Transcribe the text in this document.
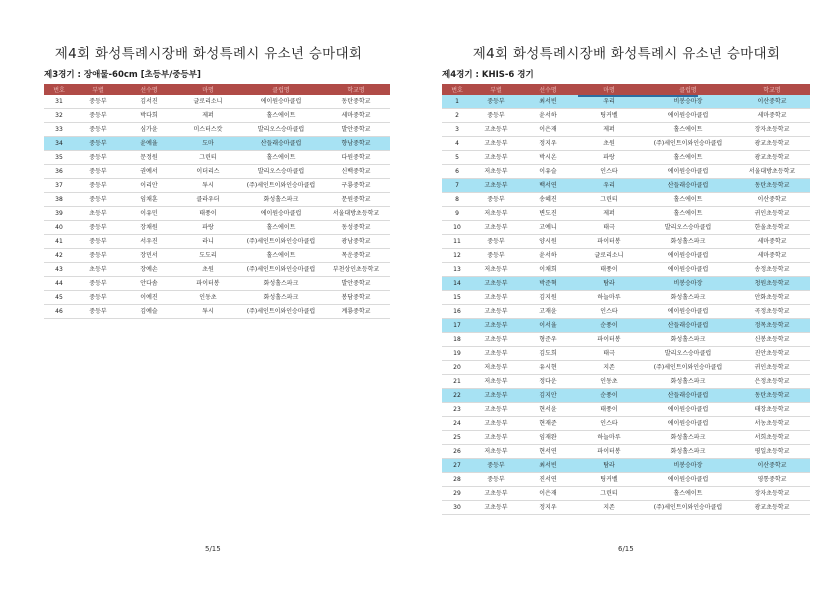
제4회 화성특례시장배 화성특례시 유소년 승마대회
제3경기 : 장애물-60cm [초등부/중등부]
번호	부별	선수명	마명	클럽명	학교명
31	중등부	김서진	글로리소니	에이원승마클럽	동탄중학교
32	중등부	박다희	제퍼	홀스에이트	세마중학교
33	중등부	심가윤	미스터스캇	발리오스승마클럽	발안중학교
34	중등부	윤예율	도마	산들래승마클럽	향남중학교
35	중등부	문정원	그린티	홀스에이트	다원중학교
36	중등부	권예서	이더리스	발리오스승마클럽	신백중학교
37	중등부	이리안	투시	(주)세인트이와인승마클럽	구룡중학교
38	중등부	임채훈	클라우더	화성홀스파크	문원중학교
39	초등부	이유민	태풍이	에이원승마클럽	서울대방초등학교
40	중등부	장채원	파랑	홀스에이트	동성중학교
41	중등부	서우진	라니	(주)세인트이와인승마클럽	광남중학교
42	중등부	장민서	도도리	홀스에이트	목운중학교
43	초등부	장예손	초원	(주)세인트이와인승마클럽	부천상인초등학교
44	중등부	안다솜	파이터봉	화성홀스파크	발안중학교
45	중등부	이예진	인동초	화성홀스파크	봉담중학교
46	중등부	김예슬	투시	(주)세인트이와인승마클럽	계룡중학교
5/15
제4회 화성특례시장배 화성특례시 유소년 승마대회
제4경기 : KHIS-6 경기
번호	부별	선수명	마명	클럽명	학교명
1	중등부	최서빈	우리	비봉승마장	이산중학교
2	중등부	윤서하	팅커벨	에이원승마클럽	세마중학교
3	고초등부	이은재	제퍼	홀스에이트	장자초등학교
4	고초등부	정지우	초원	(주)세인트이와인승마클럽	광교초등학교
5	고초등부	박시온	파랑	홀스에이트	광교초등학교
6	저초등부	이유슬	인스타	에이원승마클럽	서울대방초등학교
7	고초등부	백서연	우리	산들래승마클럽	동탄초등학교
8	중등부	송혜진	그린티	홀스에이트	이산중학교
9	저초등부	변도진	제퍼	홀스에이트	귀인초등학교
10	고초등부	고예니	태극	발리오스승마클럽	한울초등학교
11	중등부	양시원	파이터봉	화성홀스파크	세마중학교
12	중등부	윤서하	글로리소니	에이원승마클럽	세마중학교
13	저초등부	이채희	태풍이	에이원승마클럽	송정초등학교
14	고초등부	박준혁	탐라	비봉승마장	청원초등학교
15	고초등부	김지원	하늘마루	화성홀스파크	안화초등학교
16	고초등부	고재윤	인스타	에이원승마클럽	곡정초등학교
17	고초등부	이서율	순풍이	산들래승마클럽	정목초등학교
18	고초등부	형준우	파이터봉	화성홀스파크	신봉초등학교
19	고초등부	김도희	태극	발리오스승마클럽	진안초등학교
20	저초등부	유시현	지존	(주)세인트이와인승마클럽	귀인초등학교
21	저초등부	정다운	인동초	화성홀스파크	은정초등학교
22	고초등부	김지안	순풍이	산들래승마클럽	동탄초등학교
23	고초등부	현서윤	태풍이	에이원승마클럽	태장초등학교
24	고초등부	현재준	인스타	에이원승마클럽	서농초등학교
25	고초등부	임재완	하늘마루	화성홀스파크	서희초등학교
26	저초등부	현서연	파이터봉	화성홀스파크	평일초등학교
27	중등부	최서빈	탐라	비봉승마장	이산중학교
28	중등부	진서연	팅커벨	에이원승마클럽	영통중학교
29	고초등부	이은재	그린티	홀스에이트	장자초등학교
30	고초등부	정지우	지존	(주)세인트이와인승마클럽	광교초등학교
6/15
